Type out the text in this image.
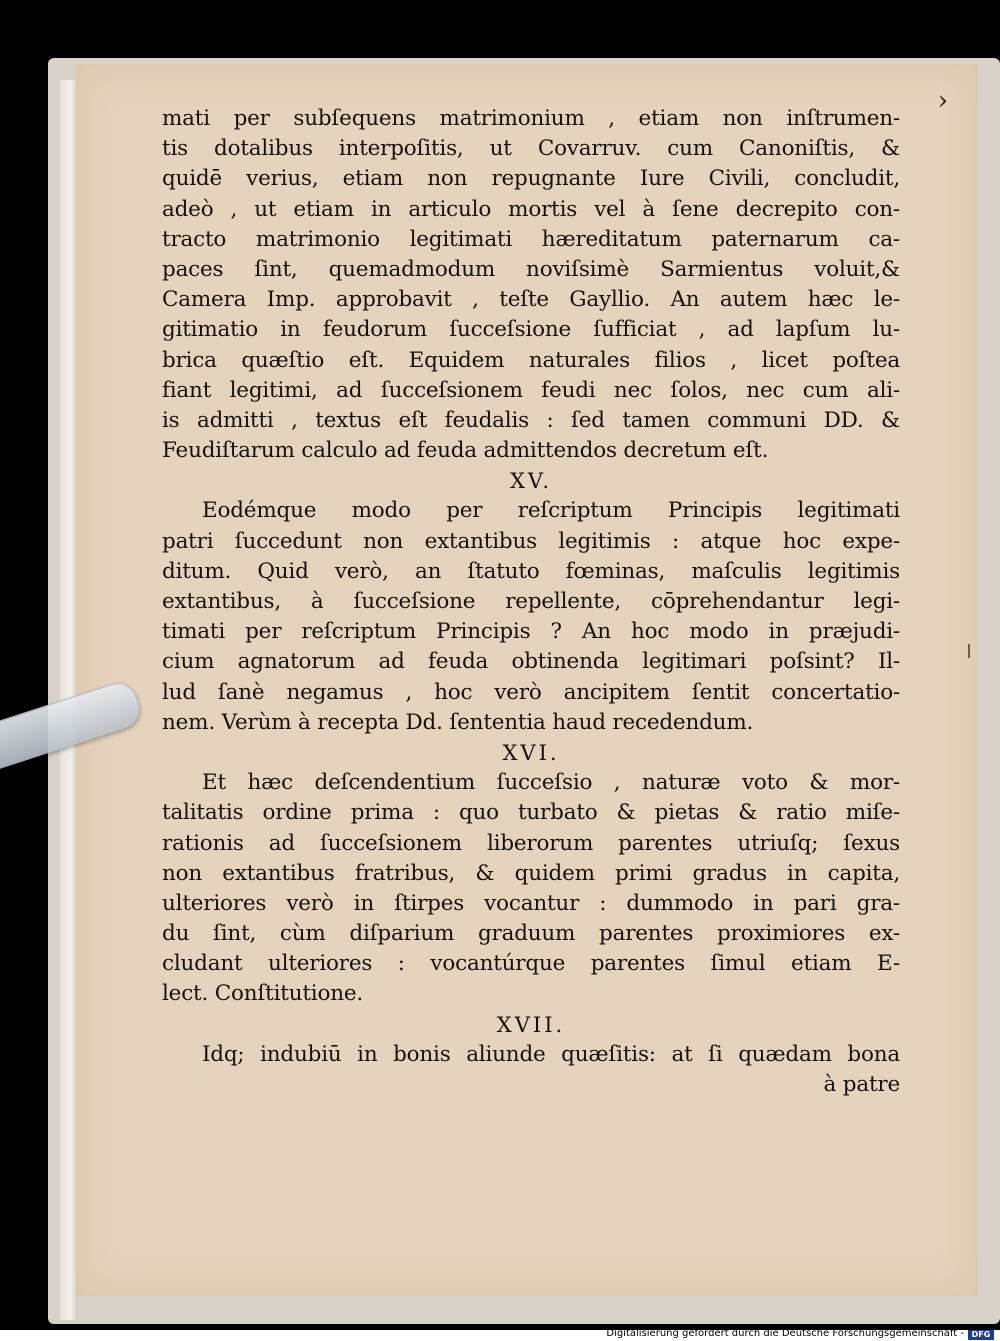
›
mati per subſequens matrimonium , etiam non inſtrumen-
tis dotalibus interpoſitis, ut Covarruv. cum Canoniſtis, &
quidē verius, etiam non repugnante Iure Civili, concludit,
adeò , ut etiam in articulo mortis vel à ſene decrepito con-
tracto matrimonio legitimati hæreditatum paternarum ca-
paces ſint, quemadmodum noviſsimè Sarmientus voluit,&
Camera Imp. approbavit , teſte Gayllio. An autem hæc le-
gitimatio in feudorum ſucceſsione ſufficiat , ad lapſum lu-
brica quæſtio eſt. Equidem naturales filios , licet poſtea
fiant legitimi, ad ſucceſsionem feudi nec ſolos, nec cum ali-
is admitti , textus eſt feudalis : ſed tamen communi DD. &
Feudiſtarum calculo ad feuda admittendos decretum eſt.
XV.
Eodémque modo per reſcriptum Principis legitimati
patri ſuccedunt non extantibus legitimis : atque hoc expe-
ditum. Quid verò, an ſtatuto fœminas, maſculis legitimis
extantibus, à ſucceſsione repellente, cōprehendantur legi-
timati per reſcriptum Principis ? An hoc modo in præjudi-
cium agnatorum ad feuda obtinenda legitimari poſsint? Il-
lud ſanè negamus , hoc verò ancipitem ſentit concertatio-
nem. Verùm à recepta Dd. ſententia haud recedendum.
XVI.
Et hæc deſcendentium ſucceſsio , naturæ voto & mor-
talitatis ordine prima : quo turbato & pietas & ratio miſe-
rationis ad ſucceſsionem liberorum parentes utriuſq; ſexus
non extantibus fratribus, & quidem primi gradus in capita,
ulteriores verò in ſtirpes vocantur : dummodo in pari gra-
du ſint, cùm diſparium graduum parentes proximiores ex-
cludant ulteriores : vocantúrque parentes ſimul etiam E-
lect. Conſtitutione.
XVII.
Idq; indubiū in bonis aliunde quæſitis: at ſi quædam bona
à patre
Digitalisierung gefördert durch die Deutsche Forschungsgemeinschaft - DFG
